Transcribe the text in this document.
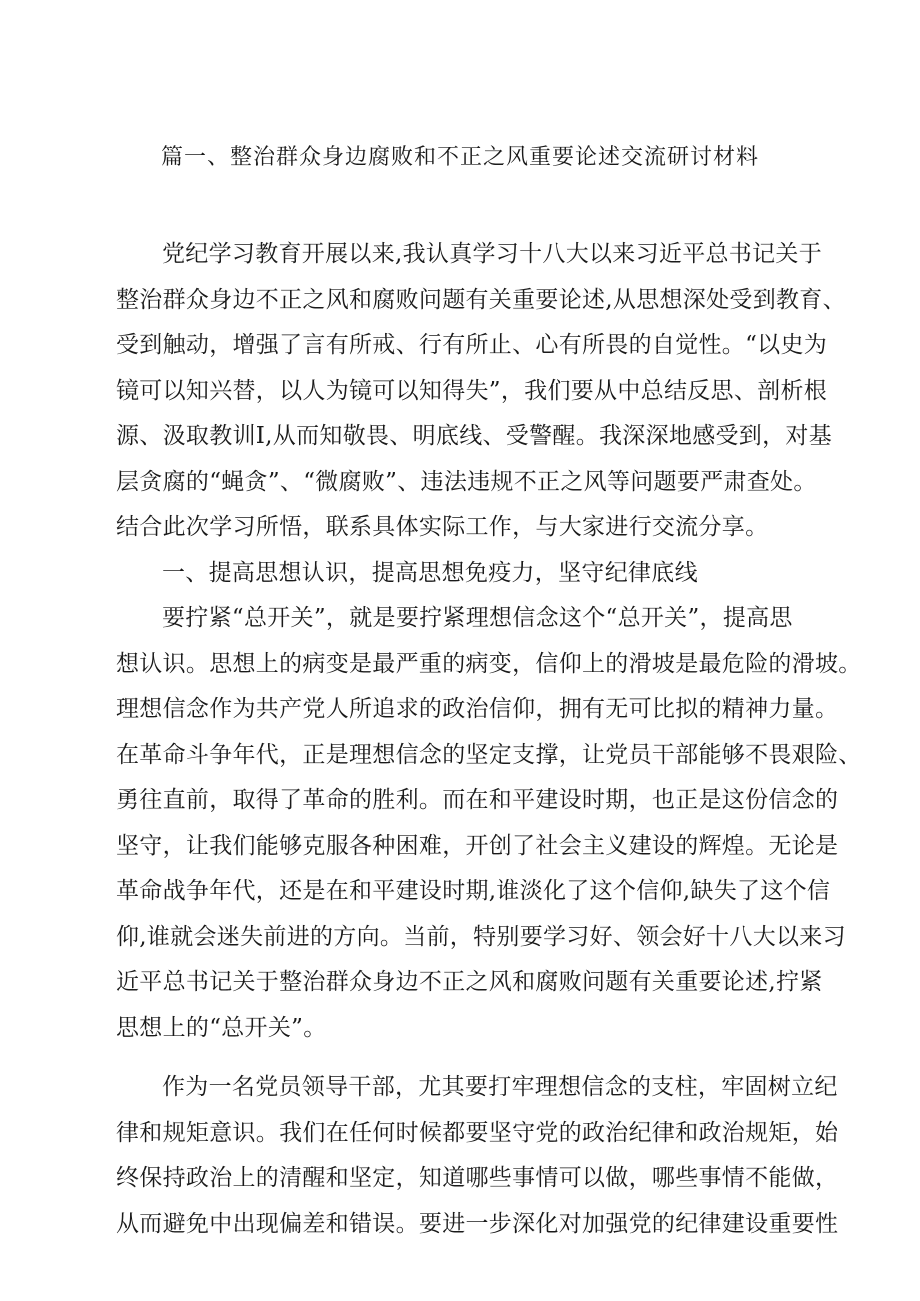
篇一、整治群众身边腐败和不正之风重要论述交流研讨材料
党纪学习教育开展以来,我认真学习十八大以来习近平总书记关于
整治群众身边不正之风和腐败问题有关重要论述,从思想深处受到教育、
受到触动，增强了言有所戒、行有所止、心有所畏的自觉性。“以史为
镜可以知兴替，以人为镜可以知得失”，我们要从中总结反思、剖析根
源、汲取教训I,从而知敬畏、明底线、受警醒。我深深地感受到，对基
层贪腐的“蝇贪”、“微腐败”、违法违规不正之风等问题要严肃查处。
结合此次学习所悟，联系具体实际工作，与大家进行交流分享。
一、提高思想认识，提高思想免疫力，坚守纪律底线
要拧紧“总开关”，就是要拧紧理想信念这个“总开关”，提高思
想认识。思想上的病变是最严重的病变，信仰上的滑坡是最危险的滑坡。
理想信念作为共产党人所追求的政治信仰，拥有无可比拟的精神力量。
在革命斗争年代，正是理想信念的坚定支撑，让党员干部能够不畏艰险、
勇往直前，取得了革命的胜利。而在和平建设时期，也正是这份信念的
坚守，让我们能够克服各种困难，开创了社会主义建设的辉煌。无论是
革命战争年代，还是在和平建设时期,谁淡化了这个信仰,缺失了这个信
仰,谁就会迷失前进的方向。当前，特别要学习好、领会好十八大以来习
近平总书记关于整治群众身边不正之风和腐败问题有关重要论述,拧紧
思想上的“总开关”。
作为一名党员领导干部，尤其要打牢理想信念的支柱，牢固树立纪
律和规矩意识。我们在任何时候都要坚守党的政治纪律和政治规矩，始
终保持政治上的清醒和坚定，知道哪些事情可以做，哪些事情不能做，
从而避免中出现偏差和错误。要进一步深化对加强党的纪律建设重要性
